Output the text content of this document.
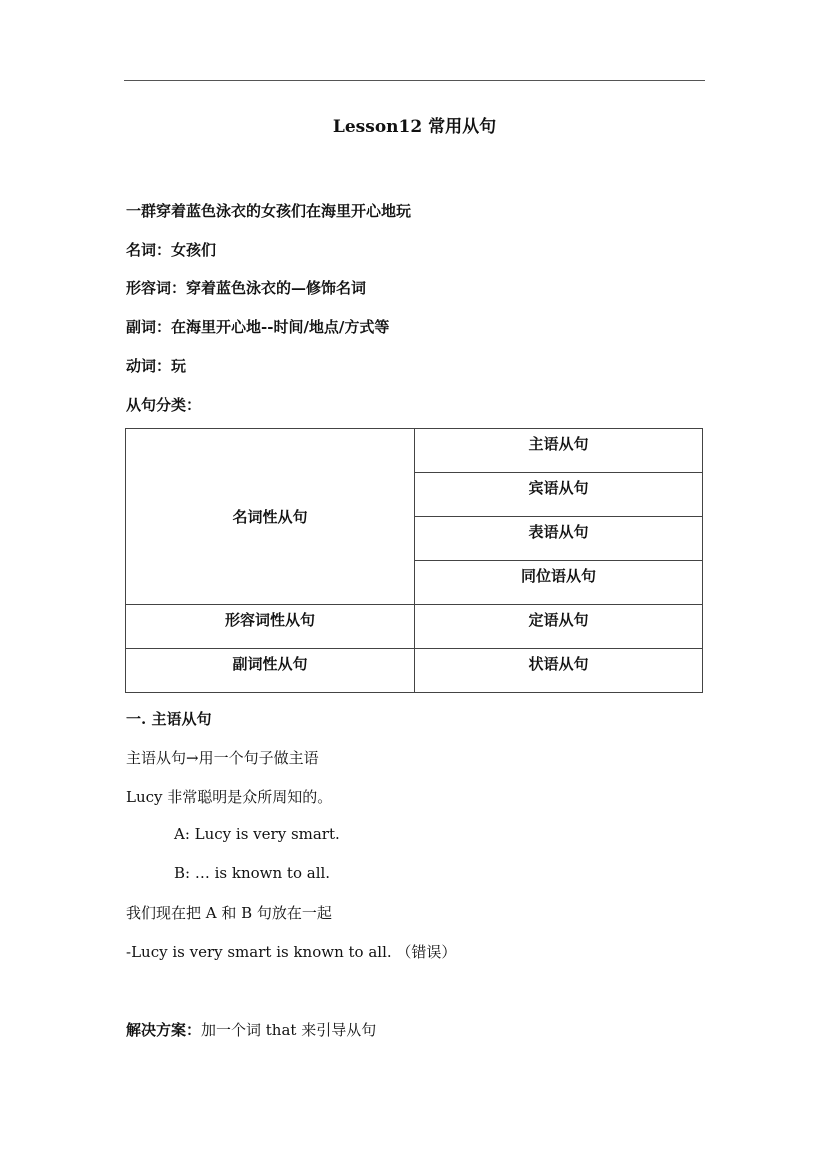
Lesson12 常用从句
一群穿着蓝色泳衣的女孩们在海里开心地玩
名词：女孩们
形容词：穿着蓝色泳衣的—修饰名词
副词：在海里开心地--时间/地点/方式等
动词：玩
从句分类：
名词性从句	主语从句
	宾语从句
	表语从句
	同位语从句
形容词性从句	定语从句
副词性从句	状语从句
一. 主语从句
主语从句→用一个句子做主语
Lucy 非常聪明是众所周知的。
A: Lucy is very smart.
B: … is known to all.
我们现在把 A 和 B 句放在一起
-Lucy is very smart is known to all. （错误）
解决方案：加一个词 that 来引导从句
